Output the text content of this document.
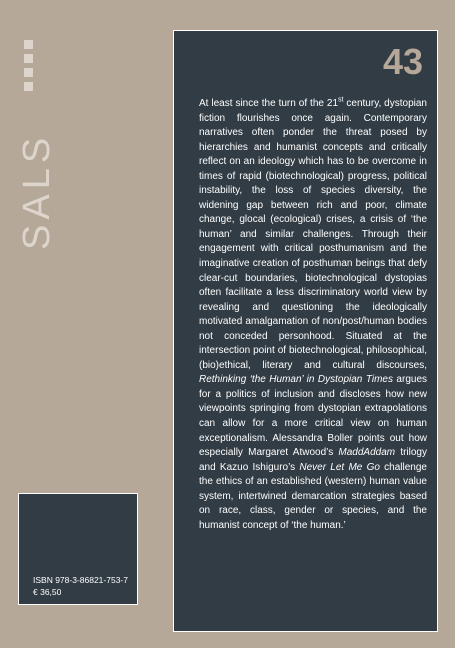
SALS
43

At least since the turn of the 21st century, dystopian fiction flourishes once again. Contemporary narratives often ponder the threat posed by hierarchies and humanist concepts and critically reflect on an ideology which has to be overcome in times of rapid (biotechnological) progress, political instability, the loss of species diversity, the widening gap between rich and poor, climate change, glocal (ecological) crises, a crisis of ‘the human’ and similar challenges. Through their engagement with critical posthumanism and the imaginative creation of posthuman beings that defy clear-cut boundaries, biotechnological dystopias often facilitate a less discriminatory world view by revealing and questioning the ideologically motivated amalgamation of non/post/human bodies not conceded personhood. Situated at the intersection point of biotechnological, philosophical, (bio)ethical, literary and cultural discourses, Rethinking ‘the Human’ in Dystopian Times argues for a politics of inclusion and discloses how new viewpoints springing from dystopian extrapolations can allow for a more critical view on human exceptionalism. Alessandra Boller points out how especially Margaret Atwood’s MaddAddam trilogy and Kazuo Ishiguro’s Never Let Me Go challenge the ethics of an established (western) human value system, intertwined demarcation strategies based on race, class, gender or species, and the humanist concept of ‘the human.’

ISBN 978-3-86821-753-7
€ 36,50
